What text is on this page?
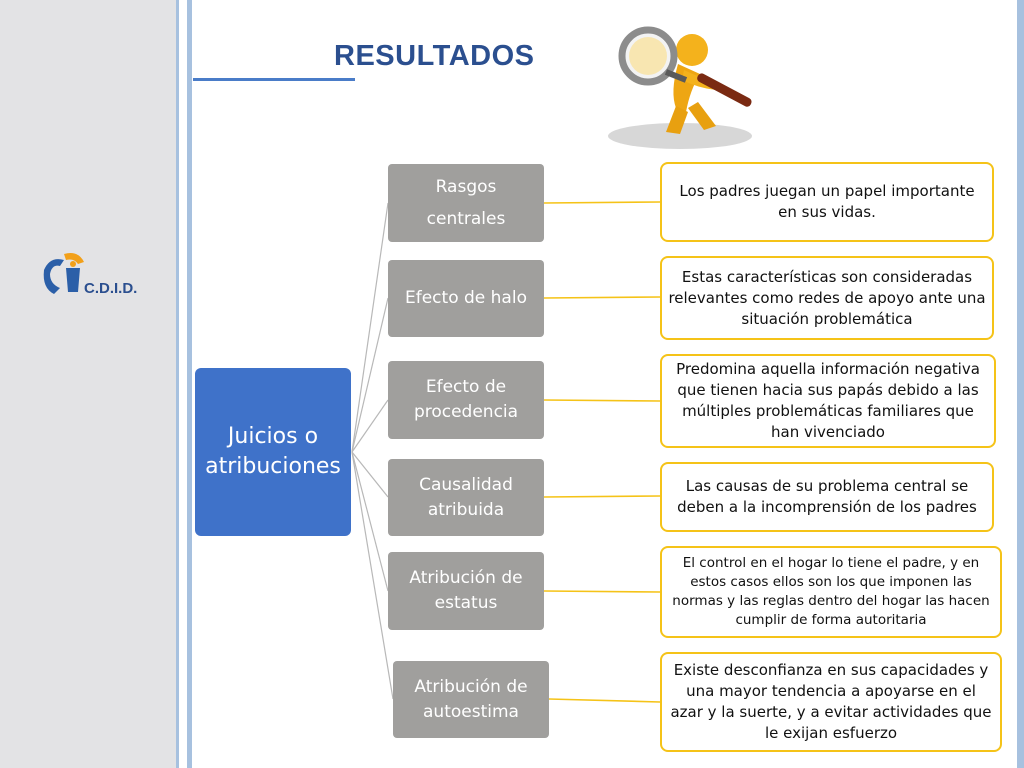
C.D.I.D.
RESULTADOS
Juicios o
atribuciones
Rasgos
centrales
Efecto de halo
Efecto de procedencia
Causalidad atribuida
Atribución de estatus
Atribución de autoestima
Los padres juegan un papel importante en sus vidas.
Estas características son consideradas relevantes como redes de apoyo ante una situación problemática
Predomina aquella información negativa que tienen hacia sus papás debido a las múltiples problemáticas familiares que han vivenciado
Las causas de su problema central se deben a la incomprensión de los padres
El control en el hogar lo tiene el padre, y en estos casos ellos son los que imponen las normas y las reglas dentro del hogar las hacen cumplir de forma autoritaria
Existe desconfianza en sus capacidades y una mayor tendencia a apoyarse en el azar y la suerte, y a evitar actividades que le exijan esfuerzo
